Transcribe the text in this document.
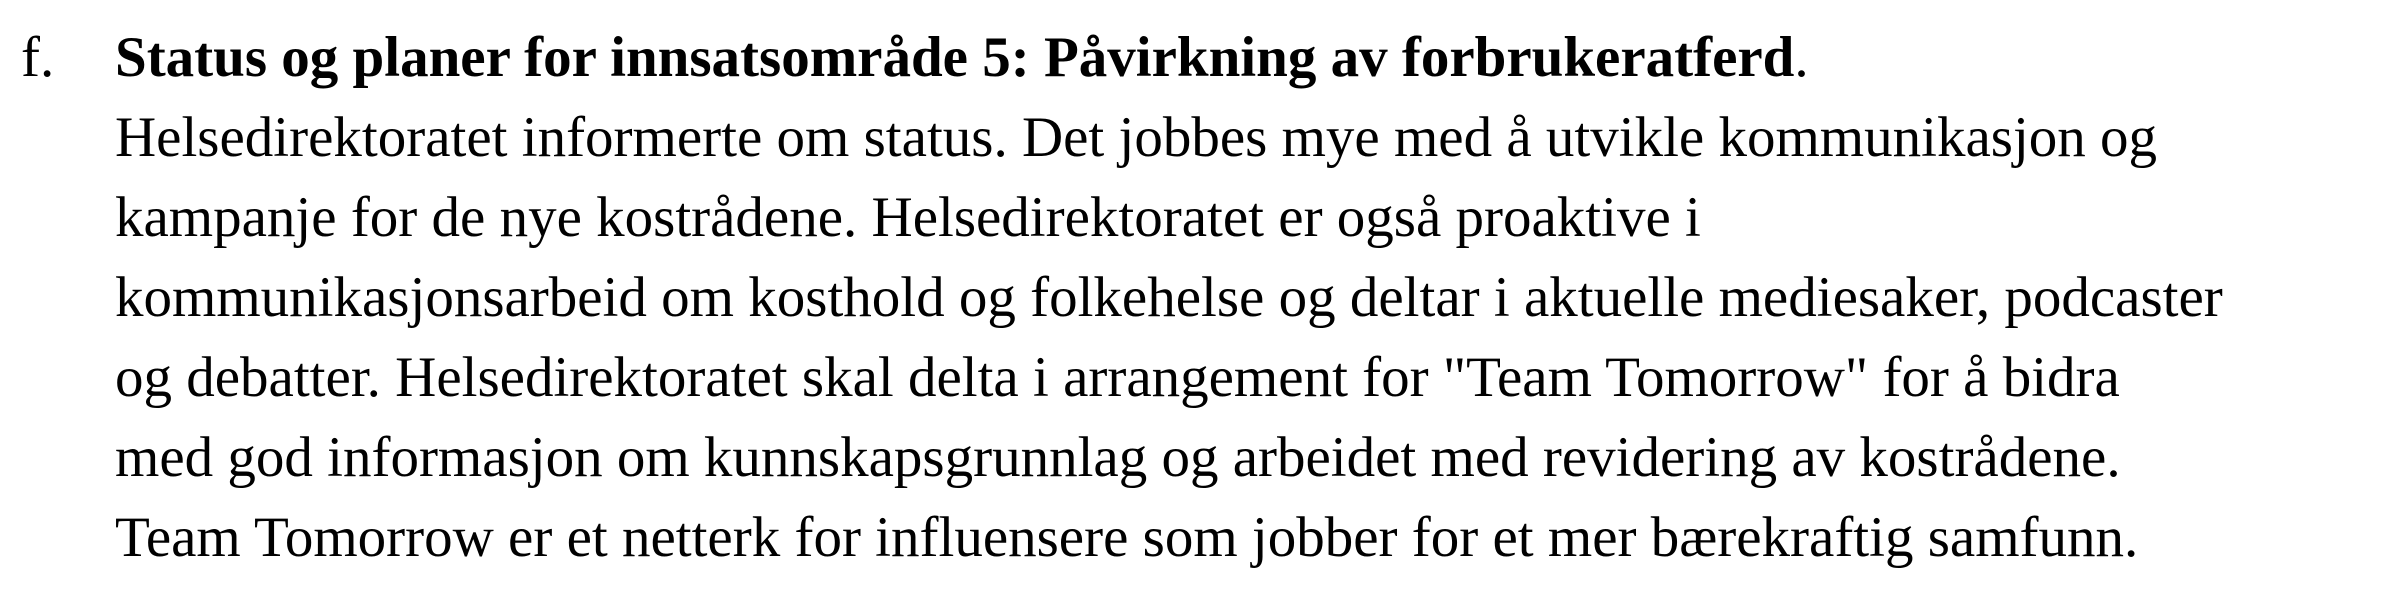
f. Status og planer for innsatsområde 5: Påvirkning av forbrukeratferd.
Helsedirektoratet informerte om status. Det jobbes mye med å utvikle kommunikasjon og
kampanje for de nye kostrådene. Helsedirektoratet er også proaktive i
kommunikasjonsarbeid om kosthold og folkehelse og deltar i aktuelle mediesaker, podcaster
og debatter. Helsedirektoratet skal delta i arrangement for "Team Tomorrow" for å bidra
med god informasjon om kunnskapsgrunnlag og arbeidet med revidering av kostrådene.
Team Tomorrow er et netterk for influensere som jobber for et mer bærekraftig samfunn.
